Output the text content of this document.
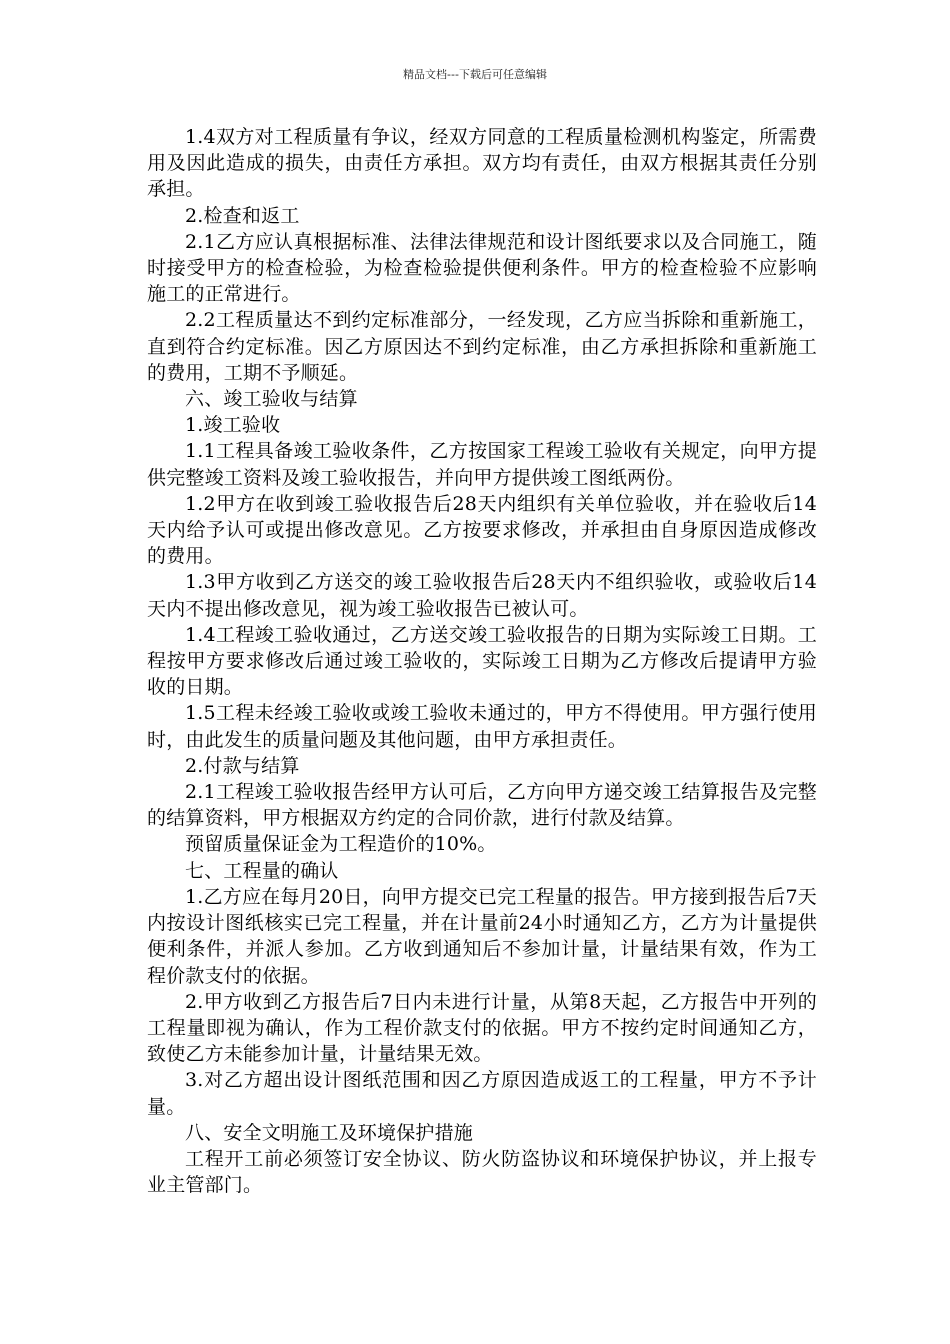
精品文档---下载后可任意编辑

1.4双方对工程质量有争议，经双方同意的工程质量检测机构鉴定，所需费用及因此造成的损失，由责任方承担。双方均有责任，由双方根据其责任分别承担。

2.检查和返工

2.1乙方应认真根据标准、法律法律规范和设计图纸要求以及合同施工，随时接受甲方的检查检验，为检查检验提供便利条件。甲方的检查检验不应影响施工的正常进行。

2.2工程质量达不到约定标准部分，一经发现，乙方应当拆除和重新施工，直到符合约定标准。因乙方原因达不到约定标准，由乙方承担拆除和重新施工的费用，工期不予顺延。

六、竣工验收与结算

1.竣工验收

1.1工程具备竣工验收条件，乙方按国家工程竣工验收有关规定，向甲方提供完整竣工资料及竣工验收报告，并向甲方提供竣工图纸两份。

1.2甲方在收到竣工验收报告后28天内组织有关单位验收，并在验收后14天内给予认可或提出修改意见。乙方按要求修改，并承担由自身原因造成修改的费用。

1.3甲方收到乙方送交的竣工验收报告后28天内不组织验收，或验收后14天内不提出修改意见，视为竣工验收报告已被认可。

1.4工程竣工验收通过，乙方送交竣工验收报告的日期为实际竣工日期。工程按甲方要求修改后通过竣工验收的，实际竣工日期为乙方修改后提请甲方验收的日期。

1.5工程未经竣工验收或竣工验收未通过的，甲方不得使用。甲方强行使用时，由此发生的质量问题及其他问题，由甲方承担责任。

2.付款与结算

2.1工程竣工验收报告经甲方认可后，乙方向甲方递交竣工结算报告及完整的结算资料，甲方根据双方约定的合同价款，进行付款及结算。

预留质量保证金为工程造价的10%。

七、工程量的确认

1.乙方应在每月20日，向甲方提交已完工程量的报告。甲方接到报告后7天内按设计图纸核实已完工程量，并在计量前24小时通知乙方，乙方为计量提供便利条件，并派人参加。乙方收到通知后不参加计量，计量结果有效，作为工程价款支付的依据。

2.甲方收到乙方报告后7日内未进行计量，从第8天起，乙方报告中开列的工程量即视为确认，作为工程价款支付的依据。甲方不按约定时间通知乙方，致使乙方未能参加计量，计量结果无效。

3.对乙方超出设计图纸范围和因乙方原因造成返工的工程量，甲方不予计量。

八、安全文明施工及环境保护措施

工程开工前必须签订安全协议、防火防盗协议和环境保护协议，并上报专业主管部门。
